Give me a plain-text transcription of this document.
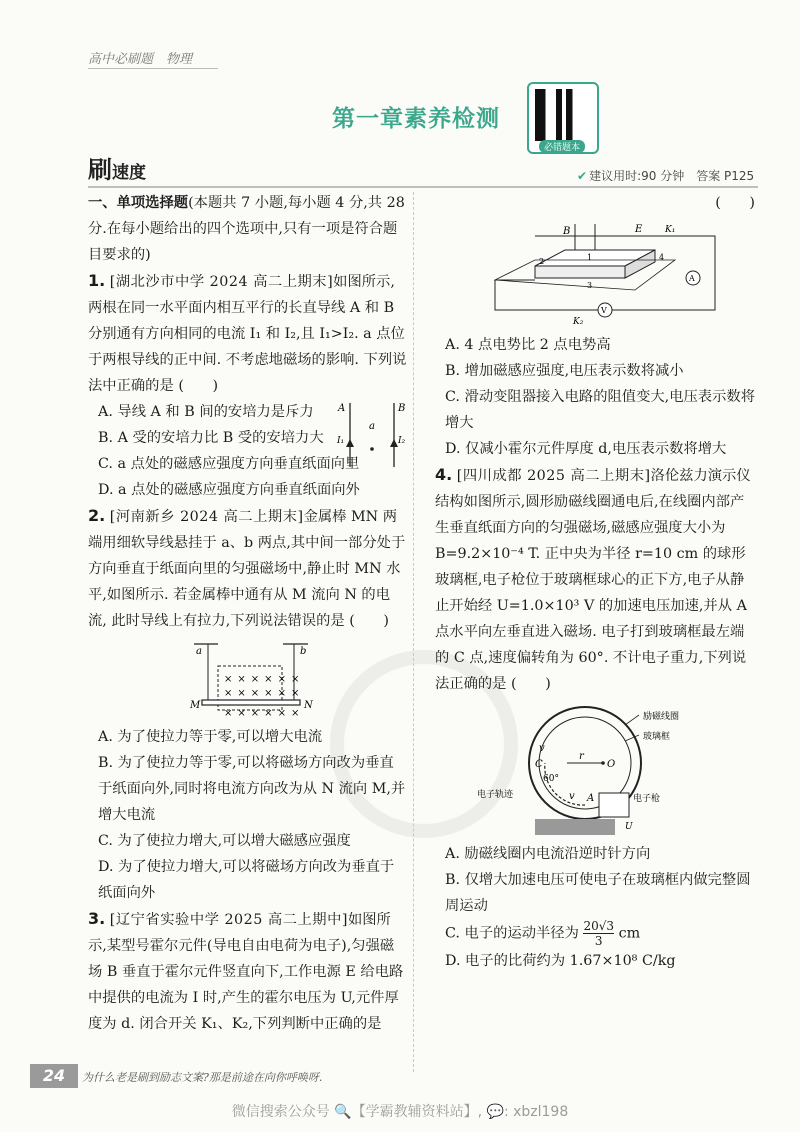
高中必刷题　物理
第一章素养检测
必错题本
刷速度	✔ 建议用时:90 分钟　 答案 P125

一、单项选择题(本题共 7 小题,每小题 4 分,共 28 分.在每小题给出的四个选项中,只有一项是符合题目要求的)

1. [湖北沙市中学 2024 高二上期末]如图所示,两根在同一水平面内相互平行的长直导线 A 和 B 分别通有方向相同的电流 I₁ 和 I₂,且 I₁>I₂. a 点位于两根导线的正中间. 不考虑地磁场的影响. 下列说法中正确的是 (　　)

A. 导线 A 和 B 间的安培力是斥力

B. A 受的安培力比 B 受的安培力大

A	B
I₁	I₂
a

C. a 点处的磁感应强度方向垂直纸面向里

D. a 点处的磁感应强度方向垂直纸面向外

2. [河南新乡 2024 高二上期末]金属棒 MN 两端用细软导线悬挂于 a、b 两点,其中间一部分处于方向垂直于纸面向里的匀强磁场中,静止时 MN 水平,如图所示. 若金属棒中通有从 M 流向 N 的电流, 此时导线上有拉力,下列说法错误的是 (　　)

× × × × × ×
× × × × × ×
× × × × × ×
a	b
M	N

A. 为了使拉力等于零,可以增大电流

B. 为了使拉力等于零,可以将磁场方向改为垂直于纸面向外,同时将电流方向改为从 N 流向 M,并增大电流

C. 为了使拉力增大,可以增大磁感应强度

D. 为了使拉力增大,可以将磁场方向改为垂直于纸面向外

3. [辽宁省实验中学 2025 高二上期中]如图所示,某型号霍尔元件(导电自由电荷为电子),匀强磁场 B 垂直于霍尔元件竖直向下,工作电源 E 给电路中提供的电流为 I 时,产生的霍尔电压为 U,元件厚度为 d. 闭合开关 K₁、K₂,下列判断中正确的是

(　　)

B	E	K₁
K₂
A
V
1
2
3
4

A. 4 点电势比 2 点电势高

B. 增加磁感应强度,电压表示数将减小

C. 滑动变阻器接入电路的阻值变大,电压表示数将增大

D. 仅减小霍尔元件厚度 d,电压表示数将增大

4. [四川成都 2025 高二上期末]洛伦兹力演示仪结构如图所示,圆形励磁线圈通电后,在线圈内部产生垂直纸面方向的匀强磁场,磁感应强度大小为 B=9.2×10⁻⁴ T. 正中央为半径 r=10 cm 的球形玻璃框,电子枪位于玻璃框球心的正下方,电子从静止开始经 U=1.0×10³ V 的加速电压加速,并从 A 点水平向左垂直进入磁场. 电子打到玻璃框最左端的 C 点,速度偏转角为 60°. 不计电子重力,下列说法正确的是 (　　)

励磁线圈
玻璃框
电子轨迹	电子枪
A
C	O
r
v
v
60°
U

A. 励磁线圈内电流沿逆时针方向

B. 仅增大加速电压可使电子在玻璃框内做完整圆周运动

C. 电子的运动半径为 $\frac{20√3}{3}$ cm

D. 电子的比荷约为 1.67×10⁸ C/kg

24	为什么老是刷到励志文案?那是前途在向你呼唤呀.
微信搜索公众号 🔍【学霸教辅资料站】, 💬: xbzl198
